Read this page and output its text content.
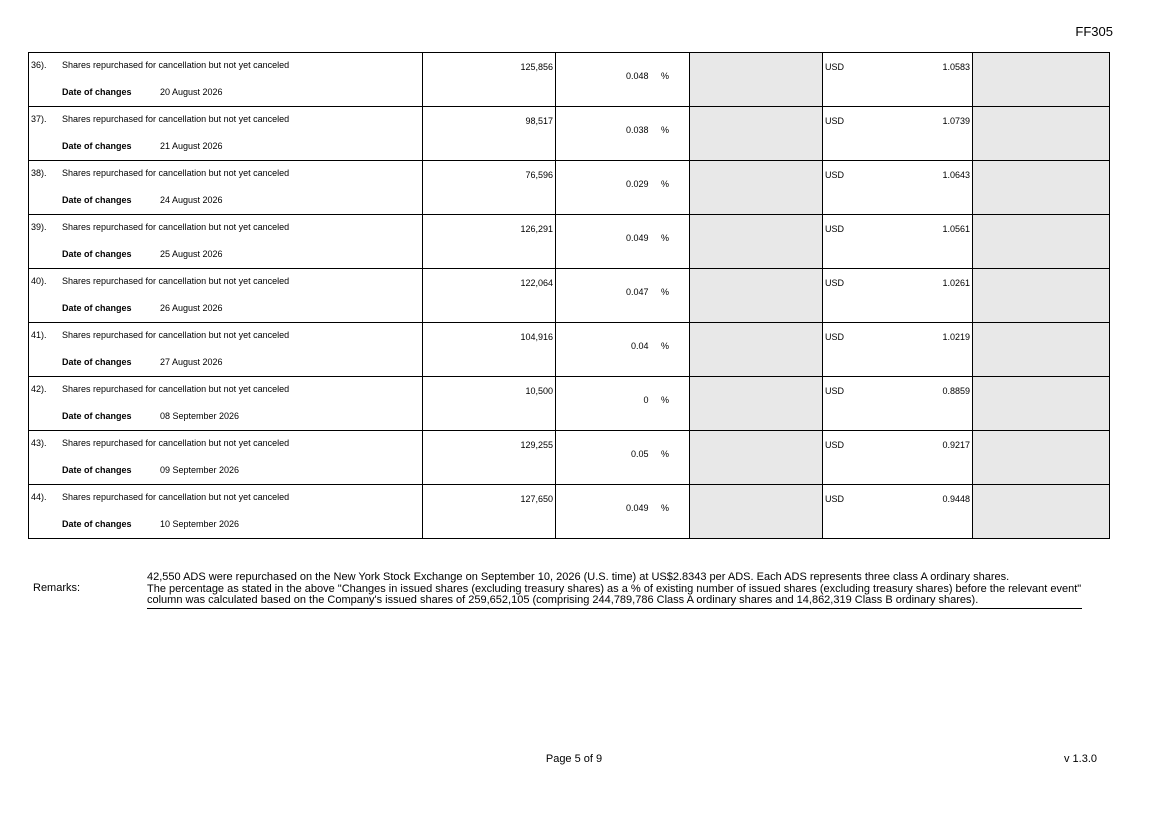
FF305
.
36). Shares repurchased for cancellation but not yet canceled	125,856	0.048 %		USD 1.0583	

Date of changes 20 August 2026					

37). Shares repurchased for cancellation but not yet canceled	98,517	0.038 %		USD 1.0739	

Date of changes 21 August 2026					

38). Shares repurchased for cancellation but not yet canceled	76,596	0.029 %		USD 1.0643	

Date of changes 24 August 2026					

39). Shares repurchased for cancellation but not yet canceled	126,291	0.049 %		USD 1.0561	

Date of changes 25 August 2026					

40). Shares repurchased for cancellation but not yet canceled	122,064	0.047 %		USD 1.0261	

Date of changes 26 August 2026					

41). Shares repurchased for cancellation but not yet canceled	104,916	0.04 %		USD 1.0219	

Date of changes 27 August 2026					

42). Shares repurchased for cancellation but not yet canceled	10,500	0 %		USD 0.8859	

Date of changes 08 September 2026					

43). Shares repurchased for cancellation but not yet canceled	129,255	0.05 %		USD 0.9217	

Date of changes 09 September 2026					

44). Shares repurchased for cancellation but not yet canceled	127,650	0.049 %		USD 0.9448	

Date of changes 10 September 2026					
Remarks:

42,550 ADS were repurchased on the New York Stock Exchange on September 10, 2026 (U.S. time) at US$2.8343 per ADS. Each ADS represents three class A ordinary shares.

The percentage as stated in the above "Changes in issued shares (excluding treasury shares) as a % of existing number of issued shares (excluding treasury shares) before the relevant event" column was calculated based on the Company's issued shares of 259,652,105 (comprising 244,789,786 Class A ordinary shares and 14,862,319 Class B ordinary shares).

Page 5 of 9	v 1.3.0
